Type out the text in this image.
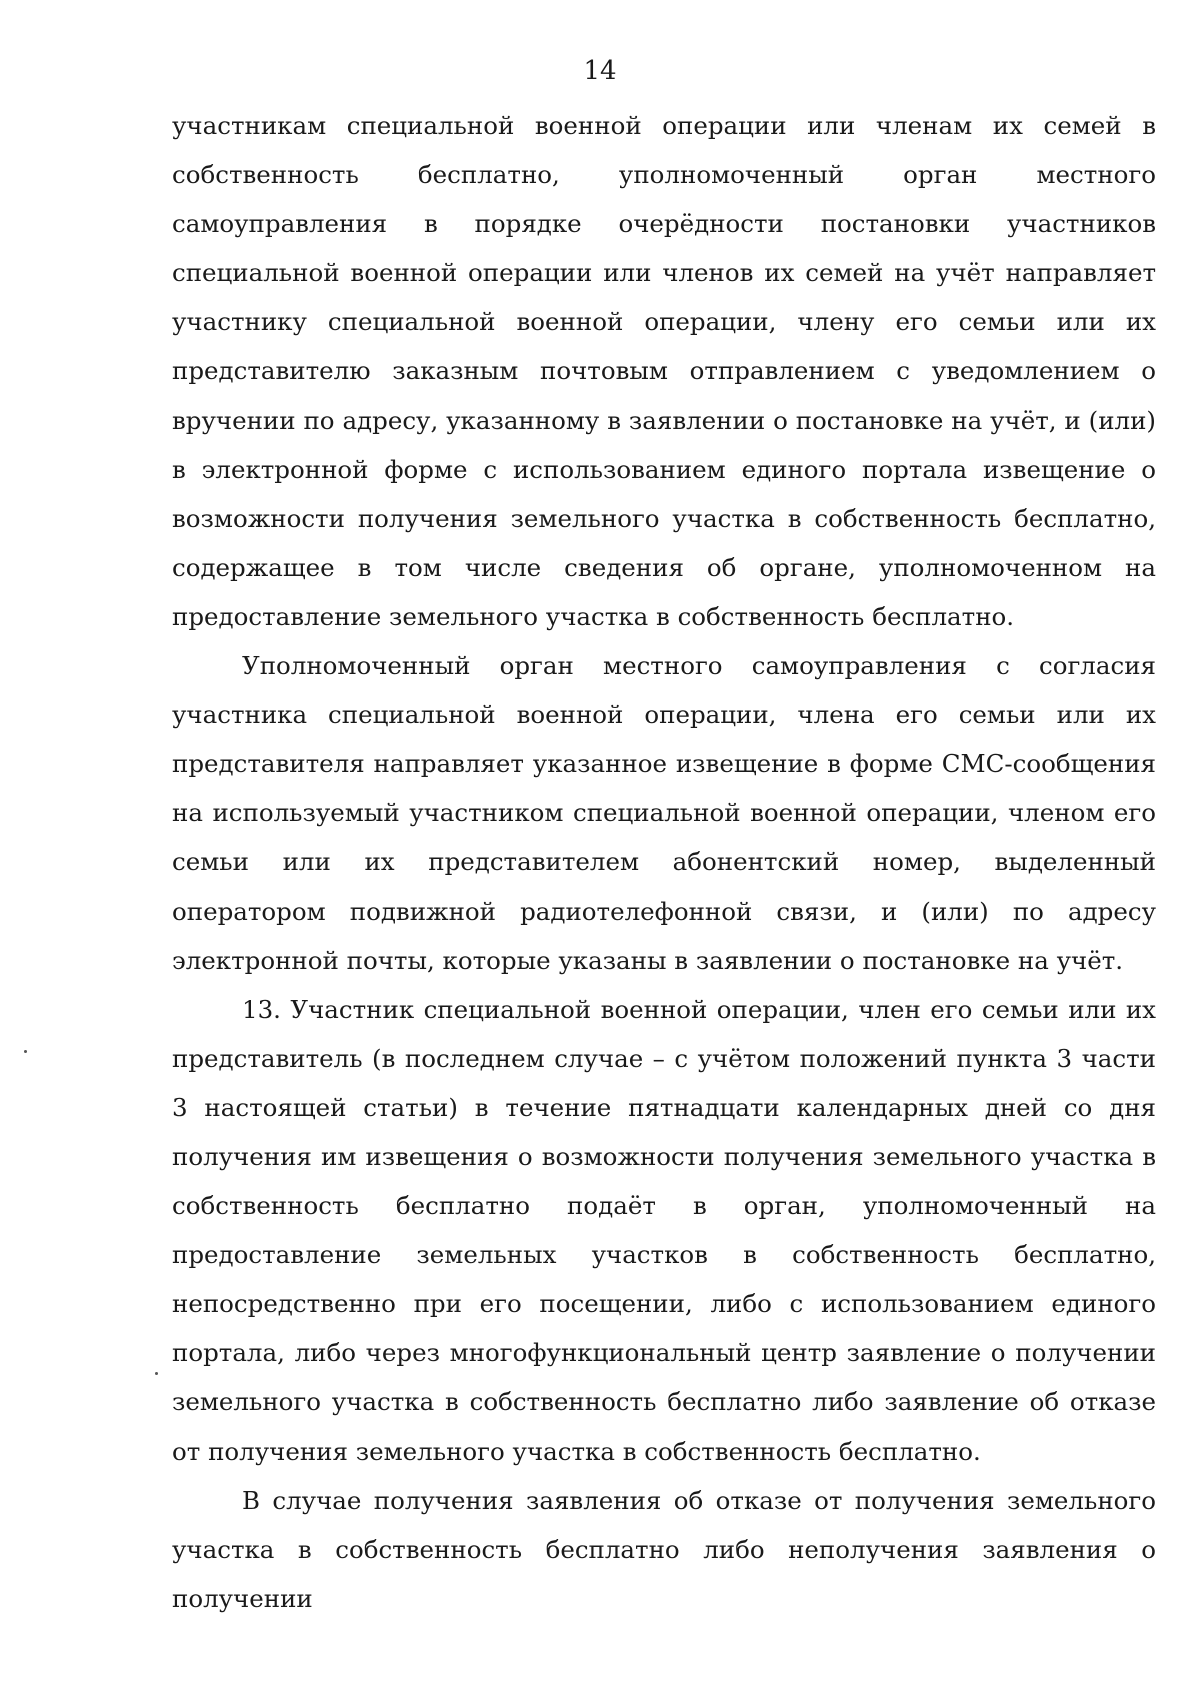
14

участникам специальной военной операции или членам их семей в собственность бесплатно, уполномоченный орган местного самоуправления в порядке очерёдности постановки участников специальной военной операции или членов их семей на учёт направляет участнику специальной военной операции, члену его семьи или их представителю заказным почтовым отправлением с уведомлением о вручении по адресу, указанному в заявлении о постановке на учёт, и (или) в электронной форме с использованием единого портала извещение о возможности получения земельного участка в собственность бесплатно, содержащее в том числе сведения об органе, уполномоченном на предоставление земельного участка в собственность бесплатно.

Уполномоченный орган местного самоуправления с согласия участника специальной военной операции, члена его семьи или их представителя направляет указанное извещение в форме СМС-сообщения на используемый участником специальной военной операции, членом его семьи или их представителем абонентский номер, выделенный оператором подвижной радиотелефонной связи, и (или) по адресу электронной почты, которые указаны в заявлении о постановке на учёт.

13. Участник специальной военной операции, член его семьи или их представитель (в последнем случае – с учётом положений пункта 3 части 3 настоящей статьи) в течение пятнадцати календарных дней со дня получения им извещения о возможности получения земельного участка в собственность бесплатно подаёт в орган, уполномоченный на предоставление земельных участков в собственность бесплатно, непосредственно при его посещении, либо с использованием единого портала, либо через многофункциональный центр заявление о получении земельного участка в собственность бесплатно либо заявление об отказе от получения земельного участка в собственность бесплатно.

В случае получения заявления об отказе от получения земельного участка в собственность бесплатно либо неполучения заявления о получении
